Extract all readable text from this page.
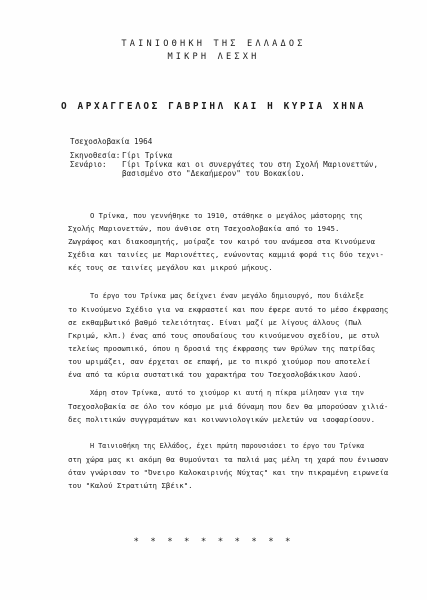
ΤΑΙΝΙΟΘΗΚΗ ΤΗΣ ΕΛΛΑΔΟΣ
ΜΙΚΡΗ ΛΕΣΧΗ
Ο ΑΡΧΑΓΓΕΛΟΣ ΓΑΒΡΙΗΛ ΚΑΙ Η ΚΥΡΙΑ ΧΗΝΑ
Τσεχοσλοβακία 1964
Σκηνοθεσία: Γίρι Τρίνκα
Σενάριο: Γίρι Τρίνκα και οι συνεργάτες του στη Σχολή Μαριονεττών,
βασισμένο στο "Δεκαήμερον" του Βοκακίου.
Ο Τρίνκα, που γεννήθηκε το 1910, στάθηκε ο μεγάλος μάστορης της
Σχολής Μαριονεττών, που άνθισε στη Τσεχοσλοβακία από το 1945.
Ζωγράφος και διακοσμητής, μοίραζε τον καιρό του ανάμεσα στα Κινούμενα
Σχέδια και ταινίες με Μαριονέττες, ενώνοντας καμμιά φορά τις δύο τεχνι-
κές τους σε ταινίες μεγάλου και μικρού μήκους.
Το έργο του Τρίνκα μας δείχνει έναν μεγάλο δημιουργό, που διάλεξε
το Κινούμενο Σχέδιο για να εκφραστεί και που έφερε αυτό το μέσο έκφρασης
σε εκθαμβωτικό βαθμό τελειότητας. Είναι μαζί με λίγους άλλους (Πωλ
Γκριμώ, κλπ.) ένας από τους σπουδαίους του κινούμενου σχεδίου, με στυλ
τελείως προσωπικό, όπου η δροσιά της έκφρασης των θρύλων της πατρίδας
του ωριμάζει, σαν έρχεται σε επαφή, με το πικρό χιούμορ που αποτελεί
ένα από τα κύρια συστατικά του χαρακτήρα του Τσεχοσλοβάκικου λαού.
Χάρη στον Τρίνκα, αυτό το χιούμορ κι αυτή η πίκρα μίλησαν για την
Τσεχοσλοβακία σε όλο τον κόσμο με μιά δύναμη που δεν θα μπορούσαν χιλιά-
δες πολιτικών συγγραμάτων και κοινωνιολογικών μελετών να ισοφαρίσουν.
Η Ταινιοθήκη της Ελλάδος, έχει πρώτη παρουσιάσει το έργο του Τρίνκα
στη χώρα μας κι ακόμη θα θυμούνται τα παλιά μας μέλη τη χαρά που ένιωσαν
όταν γνώρισαν το "Όνειρο Καλοκαιρινής Νύχτας" και την πικραμένη ειρωνεία
του "Καλού Στρατιώτη Σβέικ".
* * * * * * * * * *
